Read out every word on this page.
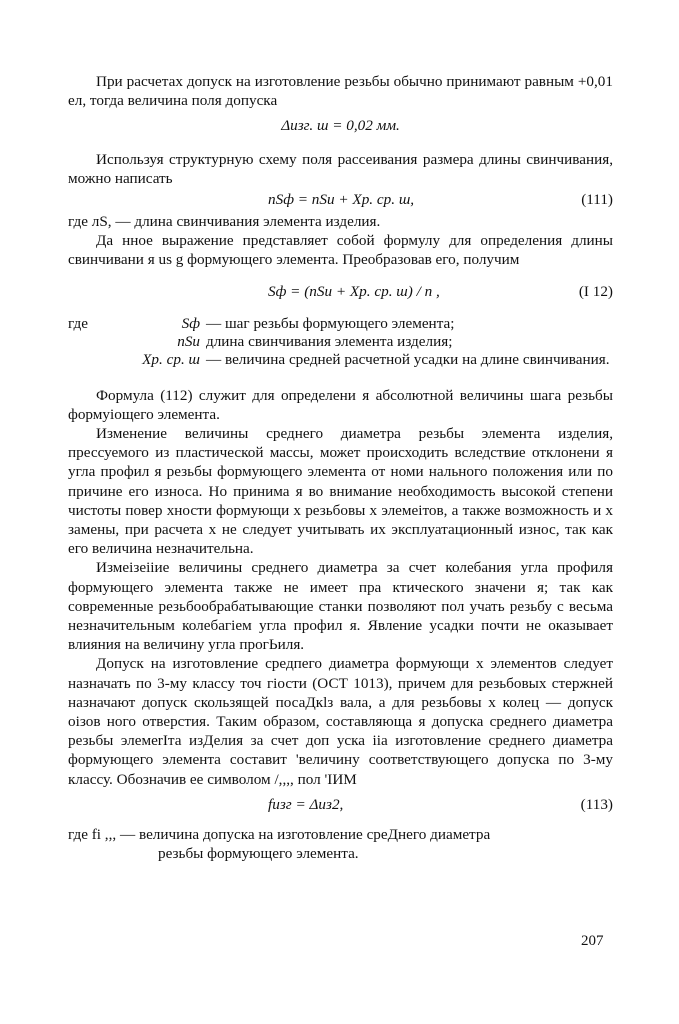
При расчетах допуск на изготовление резьбы обычно принимают равным +0,01 ел, тогда величина поля допуска

Δизг. ш = 0,02 мм.

Используя структурную схему поля рассеивания размера длины свинчивания, можно написать

nSф = nSи + Xр. ср. ш,	(111)

где лS, — длина свинчивания элемента изделия.

Да нное выражение представляет собой формулу для определения длины свинчивани я us g формующего элемента. Преобразовав его, получим

Sф = (nSи + Xр. ср. ш) / n ,	(I 12)
где	Sф — шаг резьбы формующего элемента;
nSи длина свинчивания элемента изделия;
Xр. ср. ш — величина средней расчетной усадки на длине свинчивания.

Формула (112) служит для определени я абсолютной величины шага резьбы формуiощего элемента.

Изменение величины среднего диаметра резьбы элемента изделия, прессуемого из пластической массы, может происходить вследствие отклонени я угла профил я резьбы формующего элемента от номи нального положения или по причине его износа. Но принима я во внимание необходимость высокой степени чистоты повер хности формующи х резьбовы х элемеiтов, а также возможность и х замены, при расчета х не следует учитывать их эксплуатационный износ, так как его величина незначительна.

Измеiзеiiие величины среднего диаметра за счет колебания угла профиля формующего элемента также не имеет пра ктического значени я; так как современные резьбообрабатывающие станки позволяют пол учать резьбу с весьма незначительным колебагiем угла профил я. Явление усадки почти не оказывает влияния на величину угла прогЬиля.

Допуск на изготовление средпего диаметра формующи х элементов следует назначать по 3-му классу точ гiости (ОСТ 1013), причем для резьбовых стержней назначают допуск скользящей посаДкlз вала, а для резьбовы х колец — допуск оiзов ного отверстия. Таким образом, составляюща я допуска среднего диаметра резьбы элемеrIта изДелия за счет доп уска iiа изготовление среднего диаметра формующего элемента составит 'величину соответствующего допуска по 3-му классу. Обозначив ее символом /,,,, пол 'IИМ

fизг = Δиз2,	(113)

где fi ,,, — величина допуска на изготовление среДнего диаметра

резьбы формующего элемента.

207
